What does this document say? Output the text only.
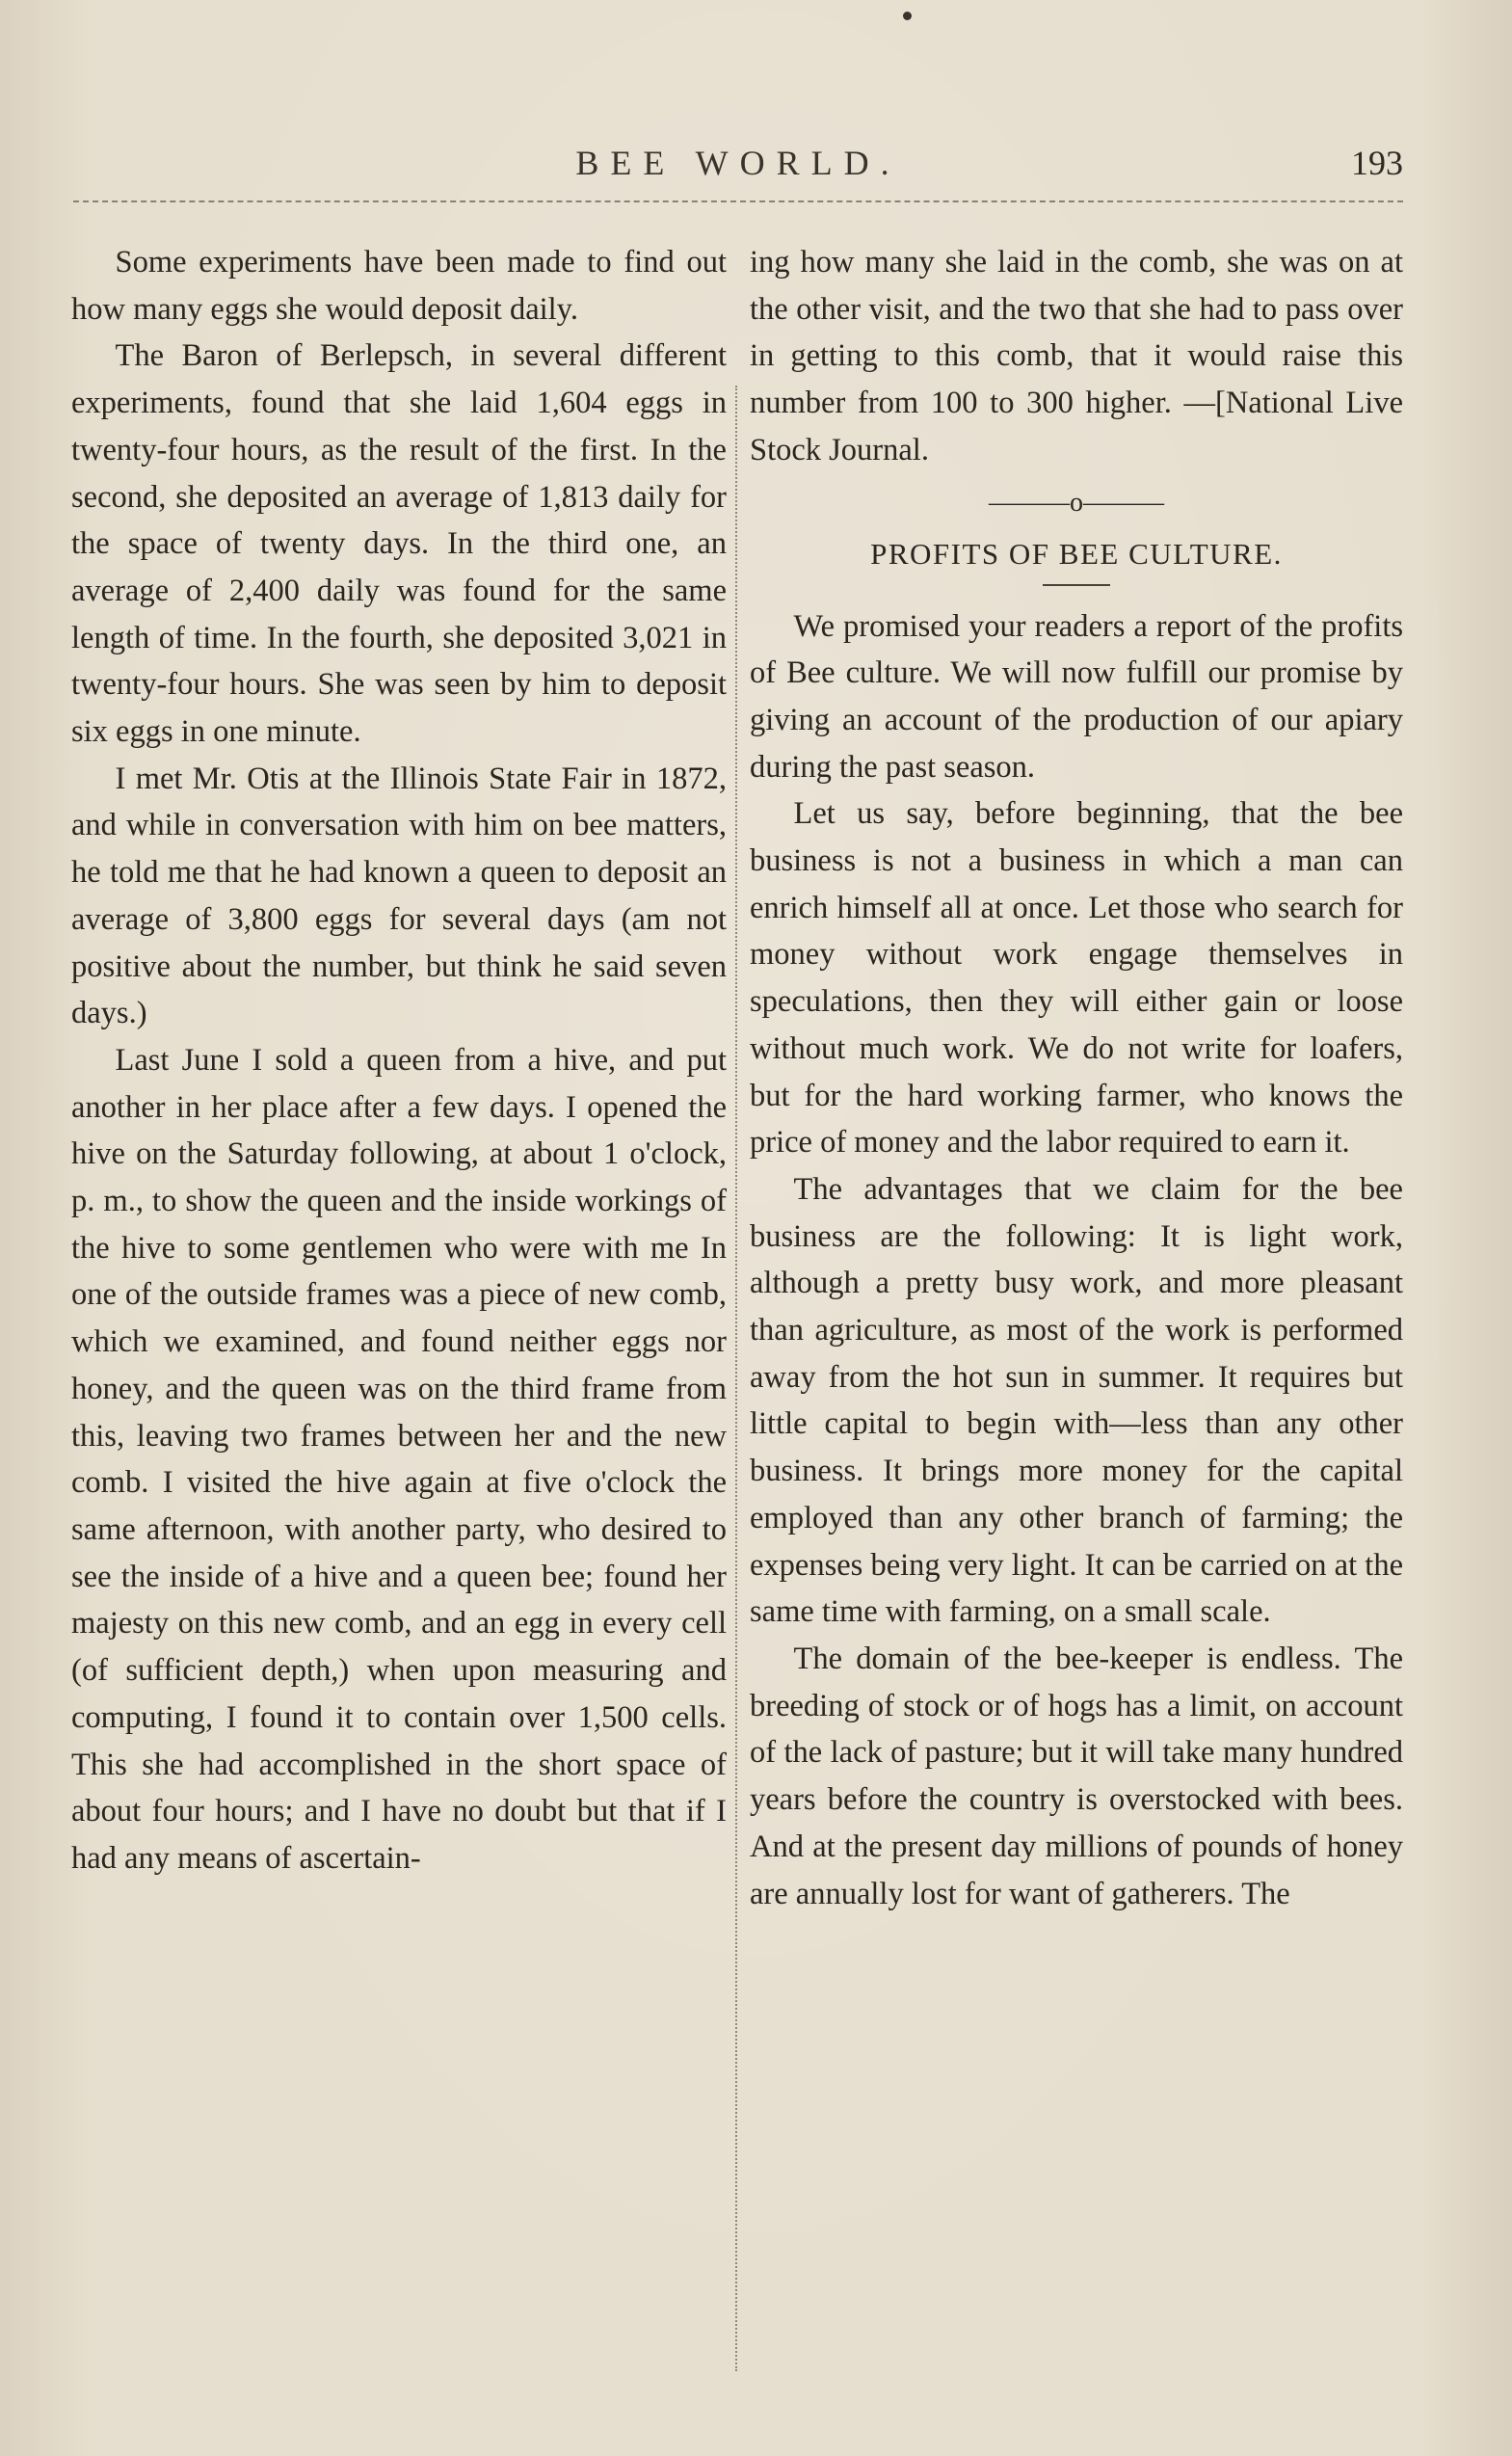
BEE WORLD.	193

Some experiments have been made to find out how many eggs she would deposit daily.

The Baron of Berlepsch, in several different experiments, found that she laid 1,604 eggs in twenty-four hours, as the result of the first. In the second, she deposited an average of 1,813 daily for the space of twenty days. In the third one, an average of 2,400 daily was found for the same length of time. In the fourth, she deposited 3,021 in twenty-four hours. She was seen by him to deposit six eggs in one minute.

I met Mr. Otis at the Illinois State Fair in 1872, and while in conversation with him on bee matters, he told me that he had known a queen to deposit an average of 3,800 eggs for several days (am not positive about the number, but think he said seven days.)

Last June I sold a queen from a hive, and put another in her place after a few days. I opened the hive on the Saturday following, at about 1 o'clock, p. m., to show the queen and the inside workings of the hive to some gentlemen who were with me In one of the outside frames was a piece of new comb, which we examined, and found neither eggs nor honey, and the queen was on the third frame from this, leaving two frames between her and the new comb. I visited the hive again at five o'clock the same afternoon, with another party, who desired to see the inside of a hive and a queen bee; found her majesty on this new comb, and an egg in every cell (of sufficient depth,) when upon measuring and computing, I found it to contain over 1,500 cells. This she had accomplished in the short space of about four hours; and I have no doubt but that if I had any means of ascertain-

ing how many she laid in the comb, she was on at the other visit, and the two that she had to pass over in getting to this comb, that it would raise this number from 100 to 300 higher. —[National Live Stock Journal.

———o———
PROFITS OF BEE CULTURE.

We promised your readers a report of the profits of Bee culture. We will now fulfill our promise by giving an account of the production of our apiary during the past season.

Let us say, before beginning, that the bee business is not a business in which a man can enrich himself all at once. Let those who search for money without work engage themselves in speculations, then they will either gain or loose without much work. We do not write for loafers, but for the hard working farmer, who knows the price of money and the labor required to earn it.

The advantages that we claim for the bee business are the following: It is light work, although a pretty busy work, and more pleasant than agriculture, as most of the work is performed away from the hot sun in summer. It requires but little capital to begin with—less than any other business. It brings more money for the capital employed than any other branch of farming; the expenses being very light. It can be carried on at the same time with farming, on a small scale.

The domain of the bee-keeper is endless. The breeding of stock or of hogs has a limit, on account of the lack of pasture; but it will take many hundred years before the country is overstocked with bees. And at the present day millions of pounds of honey are annually lost for want of gatherers. The
